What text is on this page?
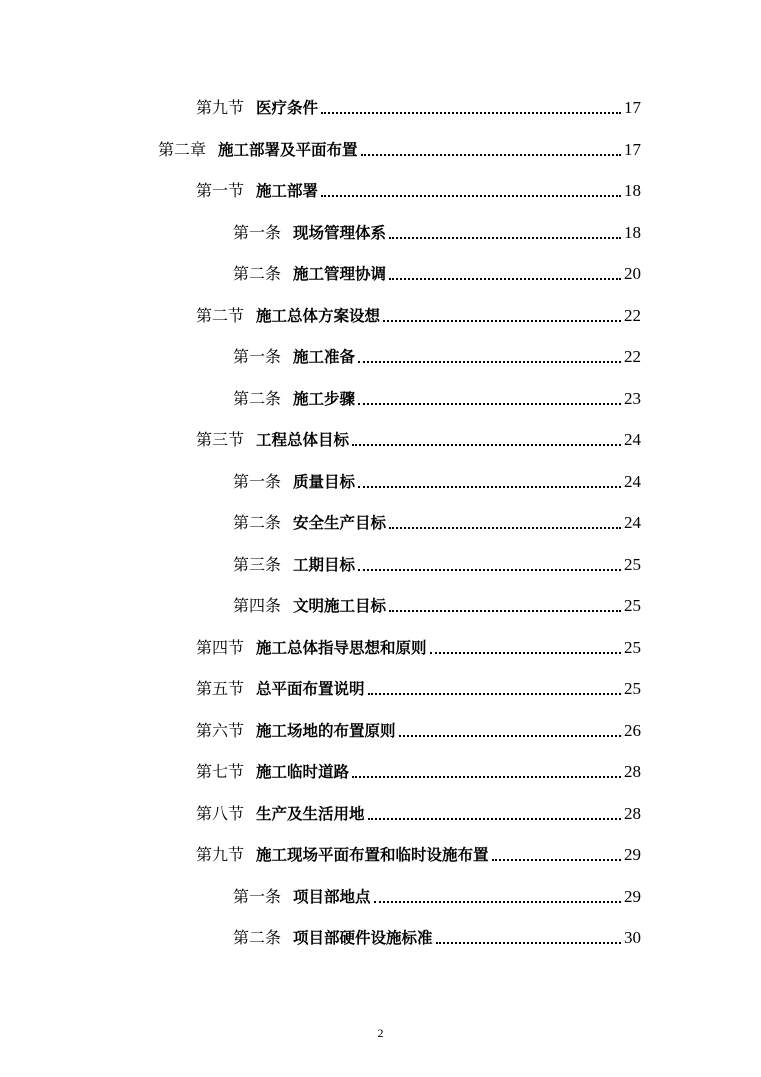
第九节 医疗条件	17
第二章 施工部署及平面布置	17
第一节 施工部署	18
第一条 现场管理体系	18
第二条 施工管理协调	20
第二节 施工总体方案设想	22
第一条 施工准备	22
第二条 施工步骤	23
第三节 工程总体目标	24
第一条 质量目标	24
第二条 安全生产目标	24
第三条 工期目标	25
第四条 文明施工目标	25
第四节 施工总体指导思想和原则	25
第五节 总平面布置说明	25
第六节 施工场地的布置原则	26
第七节 施工临时道路	28
第八节 生产及生活用地	28
第九节 施工现场平面布置和临时设施布置	29
第一条 项目部地点	29
第二条 项目部硬件设施标准	30
2
